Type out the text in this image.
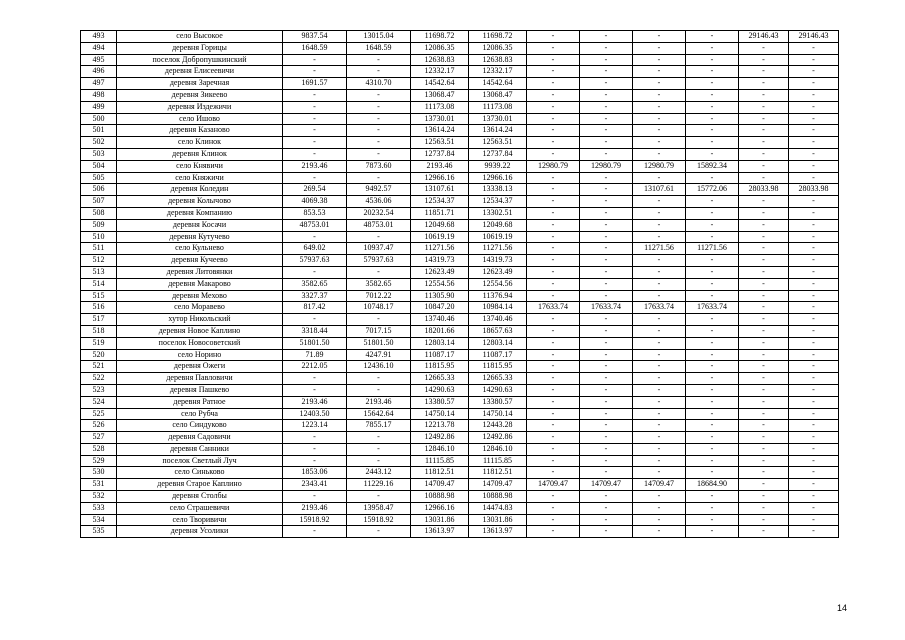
493	село Высокое	9837.54	13015.04	11698.72	11698.72	-	-	-	-	29146.43	29146.43
494	деревня Горицы	1648.59	1648.59	12086.35	12086.35	-	-	-	-	-	-
495	поселок Добропушкинский	-	-	12638.83	12638.83	-	-	-	-	-	-
496	деревня Елисеевичи	-	-	12332.17	12332.17	-	-	-	-	-	-
497	деревня Заречная	1691.57	4310.70	14542.64	14542.64	-	-	-	-	-	-
498	деревня Зикеево	-	-	13068.47	13068.47	-	-	-	-	-	-
499	деревня Издежичи	-	-	11173.08	11173.08	-	-	-	-	-	-
500	село Ишово	-	-	13730.01	13730.01	-	-	-	-	-	-
501	деревня Казаново	-	-	13614.24	13614.24	-	-	-	-	-	-
502	село Клинок	-	-	12563.51	12563.51	-	-	-	-	-	-
503	деревня Клинок	-	-	12737.84	12737.84	-	-	-	-	-	-
504	село Княвичи	2193.46	7873.60	2193.46	9939.22	12980.79	12980.79	12980.79	15892.34	-	-
505	село Княжичи	-	-	12966.16	12966.16	-	-	-	-	-	-
506	деревня Коледин	269.54	9492.57	13107.61	13338.13	-	-	13107.61	15772.06	28033.98	28033.98
507	деревня Колычово	4069.38	4536.06	12534.37	12534.37	-	-	-	-	-	-
508	деревня Компанию	853.53	20232.54	11851.71	13302.51	-	-	-	-	-	-
509	деревня Косачи	48753.01	48753.01	12049.68	12049.68	-	-	-	-	-	-
510	деревня Кутучево	-	-	10619.19	10619.19	-	-	-	-	-	-
511	село Кульнево	649.02	10937.47	11271.56	11271.56	-	-	11271.56	11271.56	-	-
512	деревня Кучеево	57937.63	57937.63	14319.73	14319.73	-	-	-	-	-	-
513	деревня Литовянки	-	-	12623.49	12623.49	-	-	-	-	-	-
514	деревня Макарово	3582.65	3582.65	12554.56	12554.56	-	-	-	-	-	-
515	деревня Мехово	3327.37	7012.22	11305.90	11376.94	-	-	-	-	-	-
516	село Моравево	817.42	10748.17	10847.20	10984.14	17633.74	17633.74	17633.74	17633.74	-	-
517	хутор Никольский	-	-	13740.46	13740.46	-	-	-	-	-	-
518	деревня Новое Каплино	3318.44	7017.15	18201.66	18657.63	-	-	-	-	-	-
519	поселок Новосоветский	51801.50	51801.50	12803.14	12803.14	-	-	-	-	-	-
520	село Норино	71.89	4247.91	11087.17	11087.17	-	-	-	-	-	-
521	деревня Ожеги	2212.05	12436.10	11815.95	11815.95	-	-	-	-	-	-
522	деревня Павловичи	-	-	12665.33	12665.33	-	-	-	-	-	-
523	деревня Пашкево	-	-	14290.63	14290.63	-	-	-	-	-	-
524	деревня Ратное	2193.46	2193.46	13380.57	13380.57	-	-	-	-	-	-
525	село Рубча	12403.50	15642.64	14750.14	14750.14	-	-	-	-	-	-
526	село Синдуково	1223.14	7855.17	12213.78	12443.28	-	-	-	-	-	-
527	деревня Садовичи	-	-	12492.86	12492.86	-	-	-	-	-	-
528	деревня Санники	-	-	12846.10	12846.10	-	-	-	-	-	-
529	поселок Светлый Луч	-	-	11115.85	11115.85	-	-	-	-	-	-
530	село Синьково	1853.06	2443.12	11812.51	11812.51	-	-	-	-	-	-
531	деревня Старое Каплино	2343.41	11229.16	14709.47	14709.47	14709.47	14709.47	14709.47	18684.90	-	-
532	деревня Столбы	-	-	10888.98	10888.98	-	-	-	-	-	-
533	село Страшевичи	2193.46	13958.47	12966.16	14474.83	-	-	-	-	-	-
534	село Творивичи	15918.92	15918.92	13031.86	13031.86	-	-	-	-	-	-
535	деревня Усолики	-	-	13613.97	13613.97	-	-	-	-	-	-
14
